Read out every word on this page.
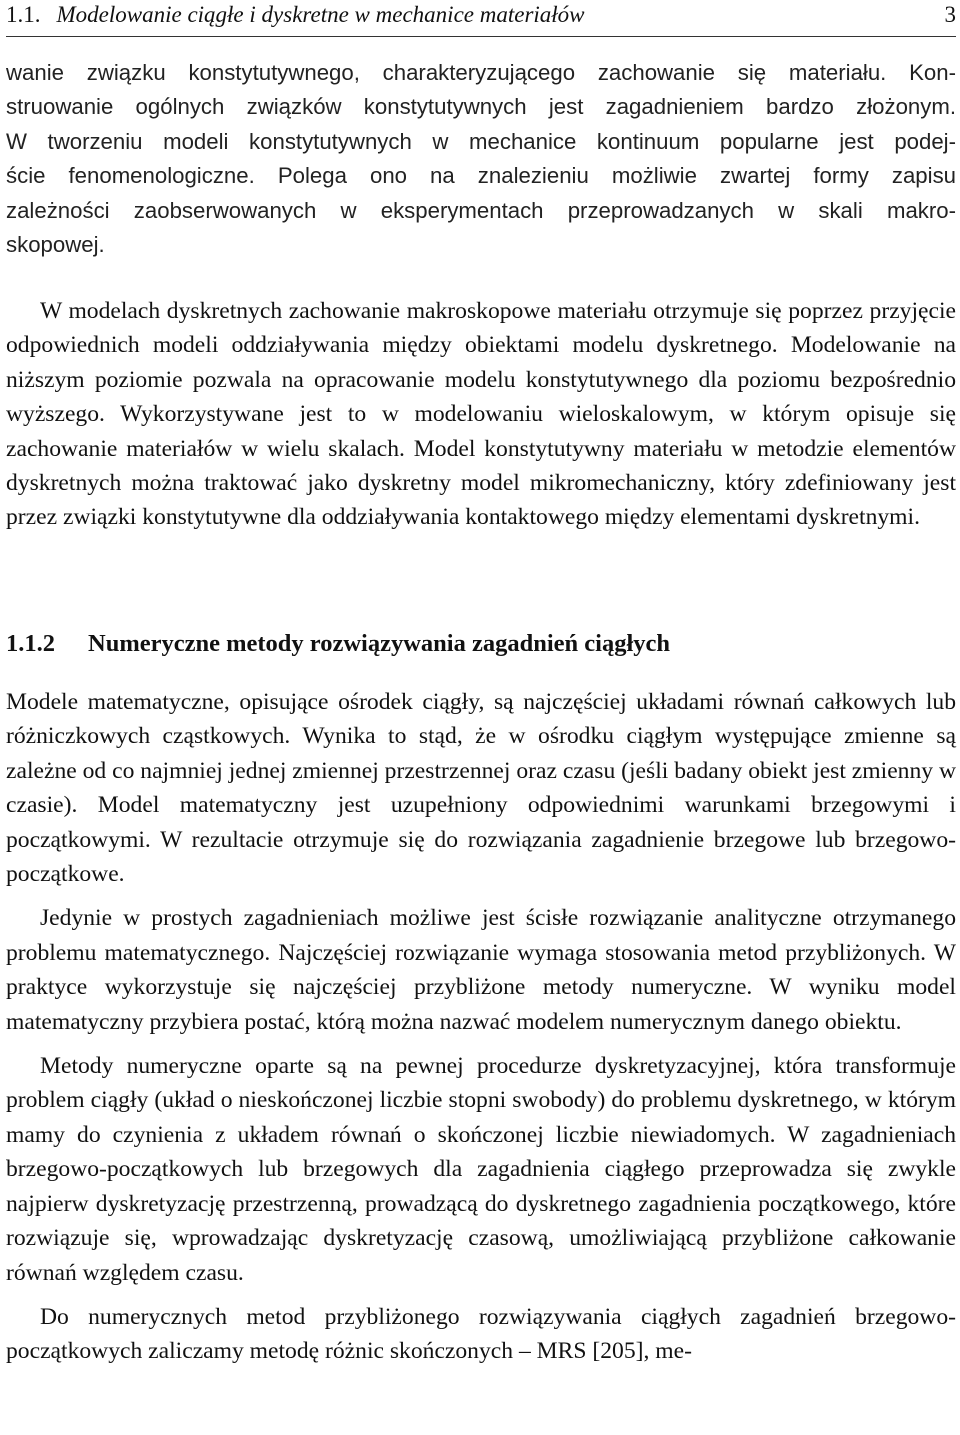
1.1. Modelowanie ciągłe i dyskretne w mechanice materiałów	3

wanie związku konstytutywnego, charakteryzującego zachowanie się materiału. Kon-
struowanie ogólnych związków konstytutywnych jest zagadnieniem bardzo złożonym.
W tworzeniu modeli konstytutywnych w mechanice kontinuum popularne jest podej-
ście fenomenologiczne. Polega ono na znalezieniu możliwie zwartej formy zapisu
zależności zaobserwowanych w eksperymentach przeprowadzanych w skali makro-
skopowej.

W modelach dyskretnych zachowanie makroskopowe materiału otrzymuje się poprzez przyjęcie odpowiednich modeli oddziaływania między obiektami modelu dyskretnego. Modelowanie na niższym poziomie pozwala na opracowanie modelu konstytutywnego dla poziomu bezpośrednio wyższego. Wykorzystywane jest to w modelowaniu wieloskalowym, w którym opisuje się zachowanie materiałów w wielu skalach. Model konstytutywny materiału w metodzie elementów dyskretnych można traktować jako dyskretny model mikromechaniczny, który zdefiniowany jest przez związki konstytutywne dla oddziaływania kontaktowego między elementami dyskretnymi.

1.1.2 Numeryczne metody rozwiązywania zagadnień ciągłych

Modele matematyczne, opisujące ośrodek ciągły, są najczęściej układami równań całkowych lub różniczkowych cząstkowych. Wynika to stąd, że w ośrodku ciągłym występujące zmienne są zależne od co najmniej jednej zmiennej przestrzennej oraz czasu (jeśli badany obiekt jest zmienny w czasie). Model matematyczny jest uzupełniony odpowiednimi warunkami brzegowymi i początkowymi. W rezultacie otrzymuje się do rozwiązania zagadnienie brzegowe lub brzegowo-początkowe.

Jedynie w prostych zagadnieniach możliwe jest ścisłe rozwiązanie analityczne otrzymanego problemu matematycznego. Najczęściej rozwiązanie wymaga stosowania metod przybliżonych. W praktyce wykorzystuje się najczęściej przybliżone metody numeryczne. W wyniku model matematyczny przybiera postać, którą można nazwać modelem numerycznym danego obiektu.

Metody numeryczne oparte są na pewnej procedurze dyskretyzacyjnej, która transformuje problem ciągły (układ o nieskończonej liczbie stopni swobody) do problemu dyskretnego, w którym mamy do czynienia z układem równań o skończonej liczbie niewiadomych. W zagadnieniach brzegowo-początkowych lub brzegowych dla zagadnienia ciągłego przeprowadza się zwykle najpierw dyskretyzację przestrzenną, prowadzącą do dyskretnego zagadnienia początkowego, które rozwiązuje się, wprowadzając dyskretyzację czasową, umożliwiającą przybliżone całkowanie równań względem czasu.

Do numerycznych metod przybliżonego rozwiązywania ciągłych zagadnień brzegowo-początkowych zaliczamy metodę różnic skończonych – MRS [205], me-
